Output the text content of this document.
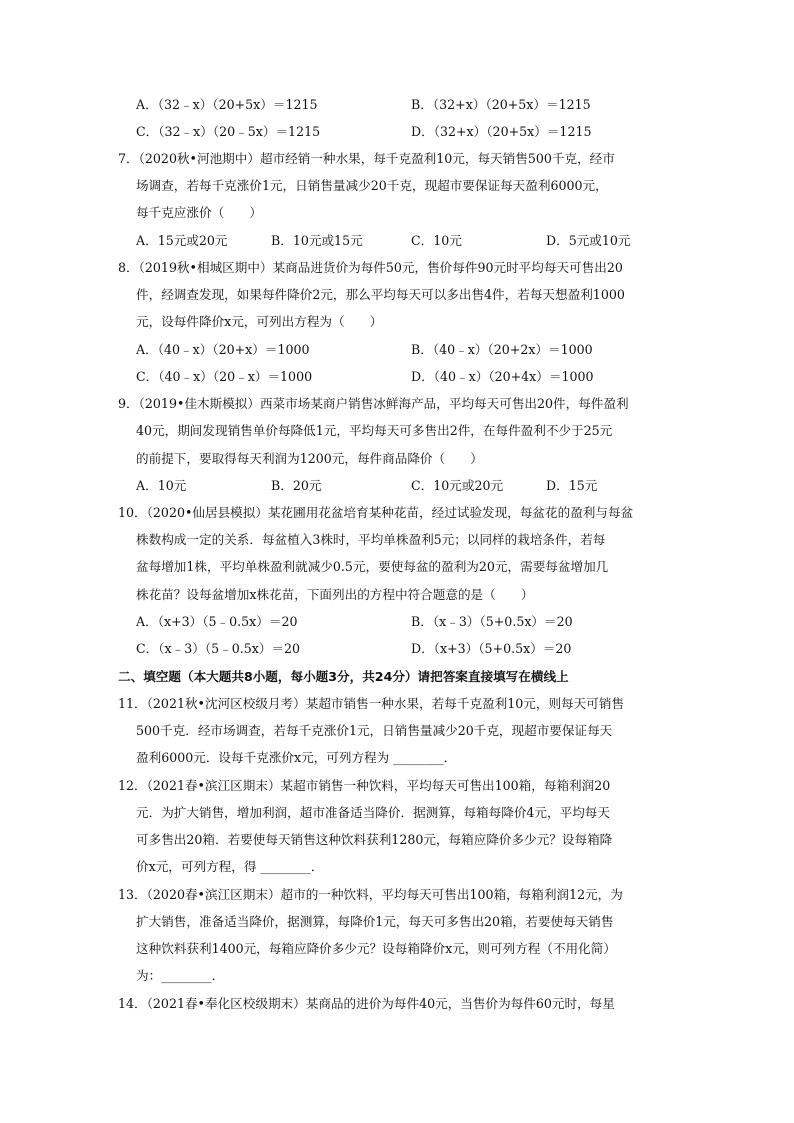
A．（32﹣x）（20+5x）＝1215	B．（32+x）（20+5x）＝1215
C．（32﹣x）（20﹣5x）＝1215	D．（32+x）（20+5x）＝1215
7．（2020秋•河池期中）超市经销一种水果，每千克盈利10元，每天销售500千克，经市
场调查，若每千克涨价1元，日销售量减少20千克，现超市要保证每天盈利6000元，
每千克应涨价（　　）
A．15元或20元	B．10元或15元	C．10元	D．5元或10元
8．（2019秋•相城区期中）某商品进货价为每件50元，售价每件90元时平均每天可售出20
件，经调查发现，如果每件降价2元，那么平均每天可以多出售4件，若每天想盈利1000
元，设每件降价x元，可列出方程为（　　）
A．（40﹣x）（20+x）＝1000	B．（40﹣x）（20+2x）＝1000
C．（40﹣x）（20﹣x）＝1000	D．（40﹣x）（20+4x）＝1000
9．（2019•佳木斯模拟）西菜市场某商户销售冰鲜海产品，平均每天可售出20件，每件盈利
40元，期间发现销售单价每降低1元，平均每天可多售出2件，在每件盈利不少于25元
的前提下，要取得每天利润为1200元，每件商品降价（　　）
A．10元	B．20元	C．10元或20元	D．15元
10．（2020•仙居县模拟）某花圃用花盆培育某种花苗，经过试验发现，每盆花的盈利与每盆
株数构成一定的关系．每盆植入3株时，平均单株盈利5元；以同样的栽培条件，若每
盆每增加1株，平均单株盈利就减少0.5元，要使每盆的盈利为20元，需要每盆增加几
株花苗？设每盆增加x株花苗，下面列出的方程中符合题意的是（　　）
A．（x+3）（5﹣0.5x）＝20	B．（x﹣3）（5+0.5x）＝20
C．（x﹣3）（5﹣0.5x）＝20	D．（x+3）（5+0.5x）＝20
二、填空题（本大题共8小题，每小题3分，共24分）请把答案直接填写在横线上
11．（2021秋•沈河区校级月考）某超市销售一种水果，若每千克盈利10元，则每天可销售
500千克．经市场调查，若每千克涨价1元，日销售量减少20千克，现超市要保证每天
盈利6000元．设每千克涨价x元，可列方程为 ________．
12．（2021春•滨江区期末）某超市销售一种饮料，平均每天可售出100箱，每箱利润20
元．为扩大销售，增加利润，超市准备适当降价．据测算，每箱每降价4元，平均每天
可多售出20箱．若要使每天销售这种饮料获利1280元，每箱应降价多少元？设每箱降
价x元，可列方程，得 ________．
13．（2020春•滨江区期末）超市的一种饮料，平均每天可售出100箱，每箱利润12元，为
扩大销售，准备适当降价，据测算，每降价1元，每天可多售出20箱，若要使每天销售
这种饮料获利1400元，每箱应降价多少元？设每箱降价x元，则可列方程（不用化简）
为：________．
14．（2021春•奉化区校级期末）某商品的进价为每件40元，当售价为每件60元时，每星
